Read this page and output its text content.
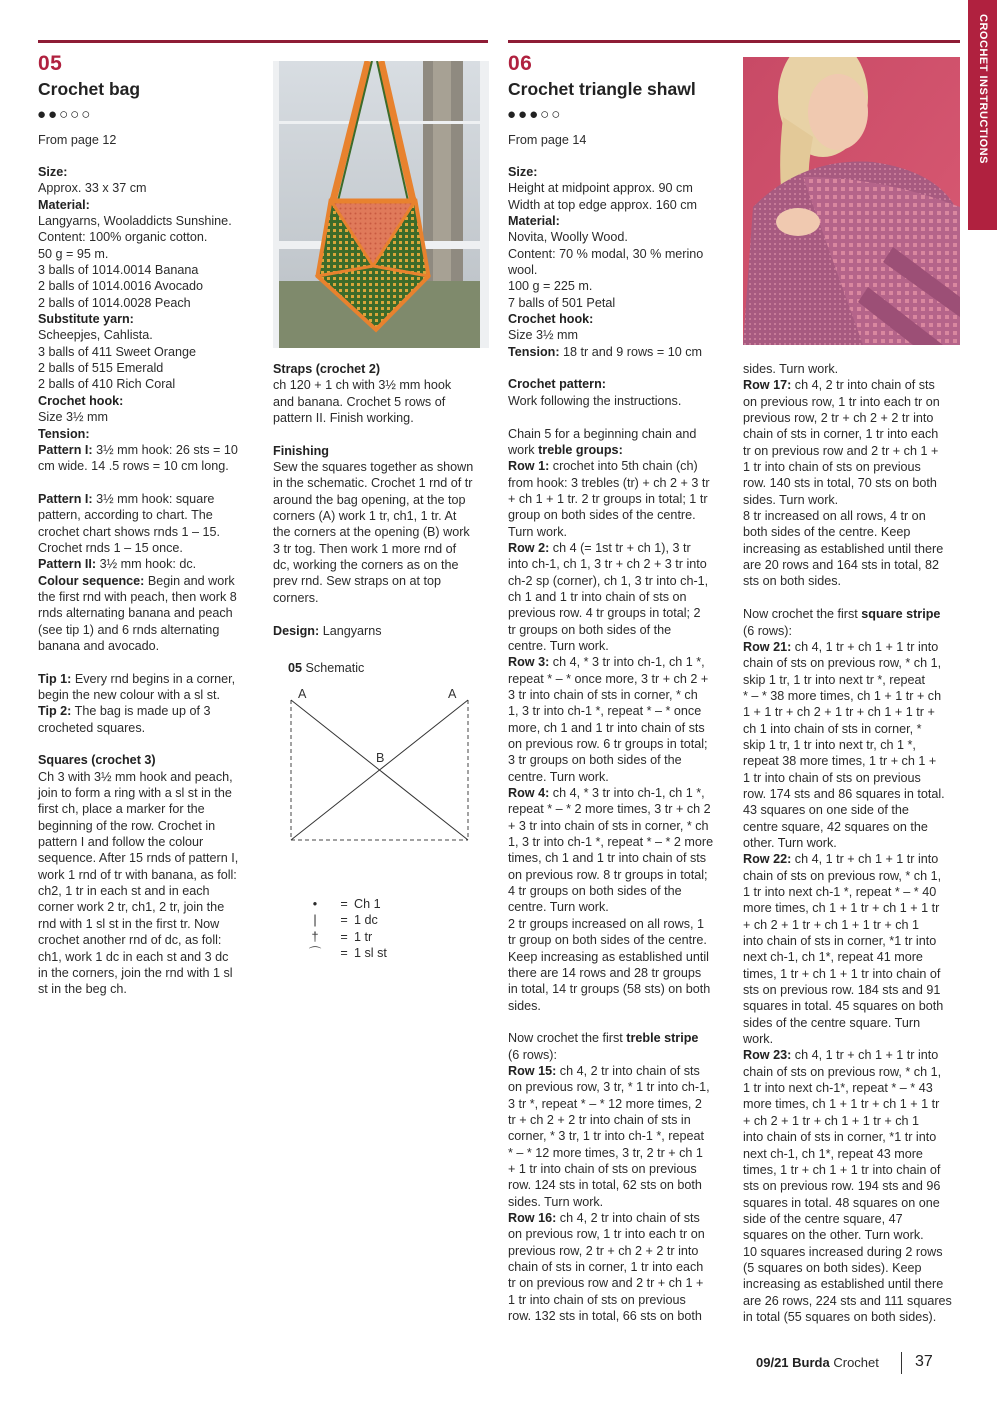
CROCHET INSTRUCTIONS
05
Crochet bag
●●○○○
From page 12

Size:

Approx. 33 x 37 cm

Material:

Langyarns, Wooladdicts Sunshine.

Content: 100% organic cotton.

50 g = 95 m.

3 balls of 1014.0014 Banana

2 balls of 1014.0016 Avocado

2 balls of 1014.0028 Peach

Substitute yarn:

Scheepjes, Cahlista.

3 balls of 411 Sweet Orange

2 balls of 515 Emerald

2 balls of 410 Rich Coral

Crochet hook:

Size 3½ mm

Tension:

Pattern I: 3½ mm hook: 26 sts = 10

cm wide. 14 .5 rows = 10 cm long.

Pattern I: 3½ mm hook: square

pattern, according to chart. The

crochet chart shows rnds 1 – 15.

Crochet rnds 1 – 15 once.

Pattern II: 3½ mm hook: dc.

Colour sequence: Begin and work

the first rnd with peach, then work 8

rnds alternating banana and peach

(see tip 1) and 6 rnds alternating

banana and avocado.

Tip 1: Every rnd begins in a corner,

begin the new colour with a sl st.

Tip 2: The bag is made up of 3

crocheted squares.

Squares (crochet 3)

Ch 3 with 3½ mm hook and peach,

join to form a ring with a sl st in the

first ch, place a marker for the

beginning of the row. Crochet in

pattern I and follow the colour

sequence. After 15 rnds of pattern I,

work 1 rnd of tr with banana, as foll:

ch2, 1 tr in each st and in each

corner work 2 tr, ch1, 2 tr, join the

rnd with 1 sl st in the first tr. Now

crochet another rnd of dc, as foll:

ch1, work 1 dc in each st and 3 dc

in the corners, join the rnd with 1 sl

st in the beg ch.

Straps (crochet 2)

ch 120 + 1 ch with 3½ mm hook

and banana. Crochet 5 rows of

pattern II. Finish working.

Finishing

Sew the squares together as shown

in the schematic. Crochet 1 rnd of tr

around the bag opening, at the top

corners (A) work 1 tr, ch1, 1 tr. At

the corners at the opening (B) work

3 tr tog. Then work 1 more rnd of

dc, working the corners as on the

prev rnd. Sew straps on at top

corners.

Design: Langyarns

05 Schematic
A	A
B
•	= Ch 1
|	= 1 dc
†	= 1 tr
⌒	= 1 sl st
06
Crochet triangle shawl
●●●○○
From page 14

Size:

Height at midpoint approx. 90 cm

Width at top edge approx. 160 cm

Material:

Novita, Woolly Wood.

Content: 70 % modal, 30 % merino

wool.

100 g = 225 m.

7 balls of 501 Petal

Crochet hook:

Size 3½ mm

Tension: 18 tr and 9 rows = 10 cm

Crochet pattern:

Work following the instructions.

Chain 5 for a beginning chain and

work treble groups:

Row 1: crochet into 5th chain (ch)

from hook: 3 trebles (tr) + ch 2 + 3 tr

+ ch 1 + 1 tr. 2 tr groups in total; 1 tr

group on both sides of the centre.

Turn work.

Row 2: ch 4 (= 1st tr + ch 1), 3 tr

into ch-1, ch 1, 3 tr + ch 2 + 3 tr into

ch-2 sp (corner), ch 1, 3 tr into ch-1,

ch 1 and 1 tr into chain of sts on

previous row. 4 tr groups in total; 2

tr groups on both sides of the

centre. Turn work.

Row 3: ch 4, * 3 tr into ch-1, ch 1 *,

repeat * – * once more, 3 tr + ch 2 +

3 tr into chain of sts in corner, * ch

1, 3 tr into ch-1 *, repeat * – * once

more, ch 1 and 1 tr into chain of sts

on previous row. 6 tr groups in total;

3 tr groups on both sides of the

centre. Turn work.

Row 4: ch 4, * 3 tr into ch-1, ch 1 *,

repeat * – * 2 more times, 3 tr + ch 2

+ 3 tr into chain of sts in corner, * ch

1, 3 tr into ch-1 *, repeat * – * 2 more

times, ch 1 and 1 tr into chain of sts

on previous row. 8 tr groups in total;

4 tr groups on both sides of the

centre. Turn work.

2 tr groups increased on all rows, 1

tr group on both sides of the centre.

Keep increasing as established until

there are 14 rows and 28 tr groups

in total, 14 tr groups (58 sts) on both

sides.

Now crochet the first treble stripe

(6 rows):

Row 15: ch 4, 2 tr into chain of sts

on previous row, 3 tr, * 1 tr into ch-1,

3 tr *, repeat * – * 12 more times, 2

tr + ch 2 + 2 tr into chain of sts in

corner, * 3 tr, 1 tr into ch-1 *, repeat

* – * 12 more times, 3 tr, 2 tr + ch 1

+ 1 tr into chain of sts on previous

row. 124 sts in total, 62 sts on both

sides. Turn work.

Row 16: ch 4, 2 tr into chain of sts

on previous row, 1 tr into each tr on

previous row, 2 tr + ch 2 + 2 tr into

chain of sts in corner, 1 tr into each

tr on previous row and 2 tr + ch 1 +

1 tr into chain of sts on previous

row. 132 sts in total, 66 sts on both

sides. Turn work.

Row 17: ch 4, 2 tr into chain of sts

on previous row, 1 tr into each tr on

previous row, 2 tr + ch 2 + 2 tr into

chain of sts in corner, 1 tr into each

tr on previous row and 2 tr + ch 1 +

1 tr into chain of sts on previous

row. 140 sts in total, 70 sts on both

sides. Turn work.

8 tr increased on all rows, 4 tr on

both sides of the centre. Keep

increasing as established until there

are 20 rows and 164 sts in total, 82

sts on both sides.

Now crochet the first square stripe

(6 rows):

Row 21: ch 4, 1 tr + ch 1 + 1 tr into

chain of sts on previous row, * ch 1,

skip 1 tr, 1 tr into next tr *, repeat

* – * 38 more times, ch 1 + 1 tr + ch

1 + 1 tr + ch 2 + 1 tr + ch 1 + 1 tr +

ch 1 into chain of sts in corner, *

skip 1 tr, 1 tr into next tr, ch 1 *,

repeat 38 more times, 1 tr + ch 1 +

1 tr into chain of sts on previous

row. 174 sts and 86 squares in total.

43 squares on one side of the

centre square, 42 squares on the

other. Turn work.

Row 22: ch 4, 1 tr + ch 1 + 1 tr into

chain of sts on previous row, * ch 1,

1 tr into next ch-1 *, repeat * – * 40

more times, ch 1 + 1 tr + ch 1 + 1 tr

+ ch 2 + 1 tr + ch 1 + 1 tr + ch 1

into chain of sts in corner, *1 tr into

next ch-1, ch 1*, repeat 41 more

times, 1 tr + ch 1 + 1 tr into chain of

sts on previous row. 184 sts and 91

squares in total. 45 squares on both

sides of the centre square. Turn

work.

Row 23: ch 4, 1 tr + ch 1 + 1 tr into

chain of sts on previous row, * ch 1,

1 tr into next ch-1*, repeat * – * 43

more times, ch 1 + 1 tr + ch 1 + 1 tr

+ ch 2 + 1 tr + ch 1 + 1 tr + ch 1

into chain of sts in corner, *1 tr into

next ch-1, ch 1*, repeat 43 more

times, 1 tr + ch 1 + 1 tr into chain of

sts on previous row. 194 sts and 96

squares in total. 48 squares on one

side of the centre square, 47

squares on the other. Turn work.

10 squares increased during 2 rows

(5 squares on both sides). Keep

increasing as established until there

are 26 rows, 224 sts and 111 squares

in total (55 squares on both sides).

09/21 Burda Crochet 37
